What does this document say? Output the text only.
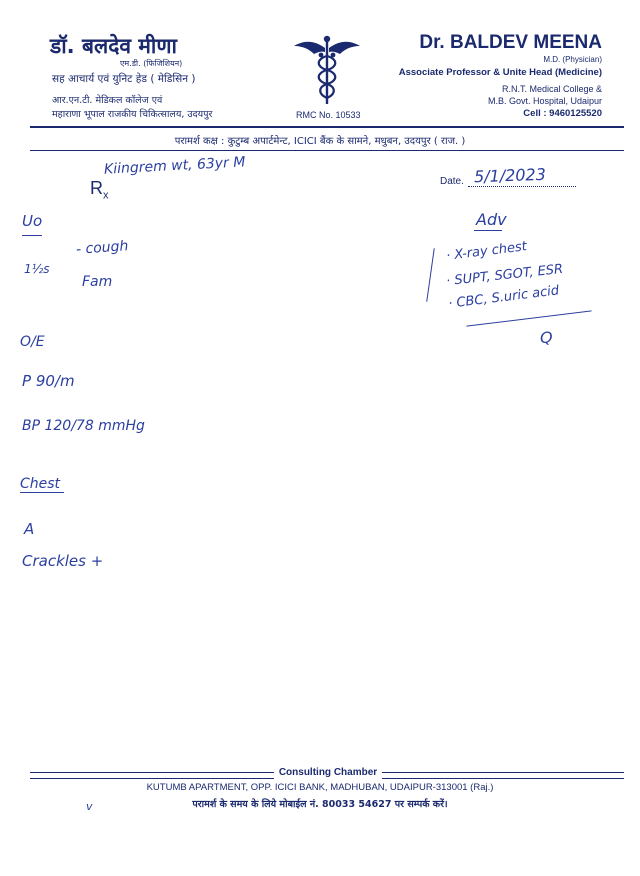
डॉ. बलदेव मीणा
एम.डी. (फिजिशियन)
सह आचार्य एवं युनिट हेड ( मेडिसिन )
आर.एन.टी. मेडिकल कॉलेज एवं
महाराणा भूपाल राजकीय चिकित्सालय, उदयपुर	RMC No. 10533
Dr. BALDEV MEENA
M.D. (Physician)
Associate Professor & Unite Head (Medicine)
R.N.T. Medical College &
M.B. Govt. Hospital, Udaipur
Cell : 9460125520
परामर्श कक्ष : कुटुम्ब अपार्टमेन्ट, ICICI बैंक के सामने, मधुबन, उदयपुर ( राज. )
Kiingrem wt, 63yr M
$R_x$
Date. 5/1/2023
Uo
- cough
1½s
Fam
O/E
P 90/m
BP 120/78 mmHg
Chest
A
Crackles +
Adv
· X-ray chest
· SUPT, SGOT, ESR
· CBC, S.uric acid
Q
Consulting Chamber
KUTUMB APARTMENT, OPP. ICICI BANK, MADHUBAN, UDAIPUR-313001 (Raj.)
परामर्श के समय के लिये मोबाईल नं. 80033 54627 पर सम्पर्क करें।
v
